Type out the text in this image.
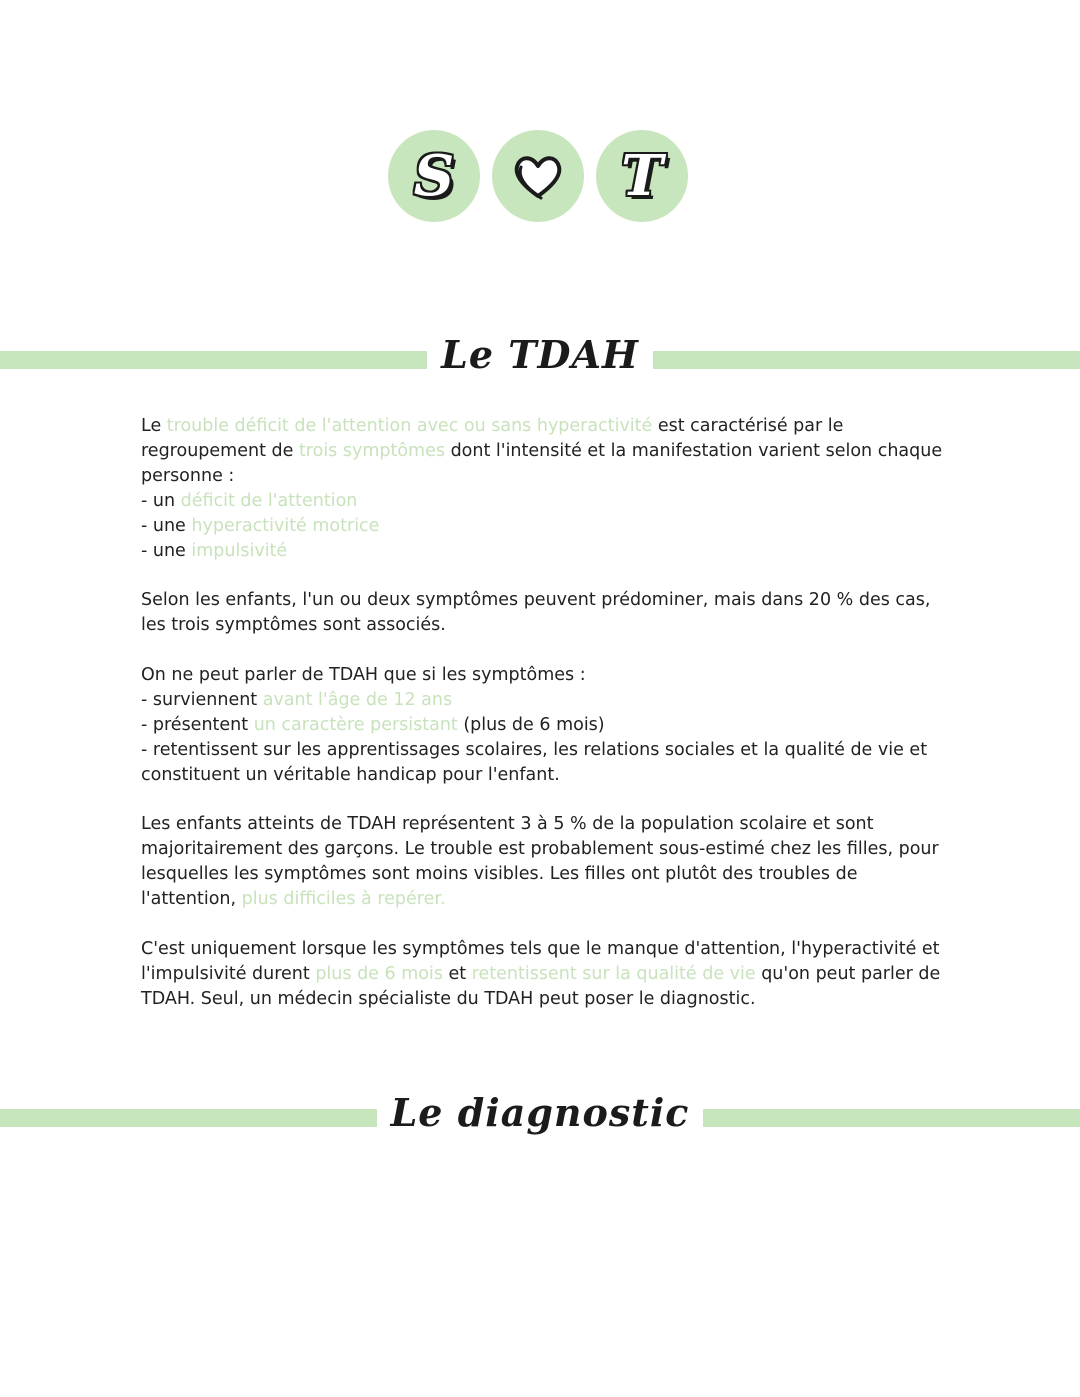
S	T
Le TDAH

Le trouble déficit de l'attention avec ou sans hyperactivité est caractérisé par le regroupement de trois symptômes dont l'intensité et la manifestation varient selon chaque personne :

- un déficit de l'attention

- une hyperactivité motrice

- une impulsivité

Selon les enfants, l'un ou deux symptômes peuvent prédominer, mais dans 20 % des cas, les trois symptômes sont associés.

On ne peut parler de TDAH que si les symptômes :

- surviennent avant l'âge de 12 ans

- présentent un caractère persistant (plus de 6 mois)

- retentissent sur les apprentissages scolaires, les relations sociales et la qualité de vie et constituent un véritable handicap pour l'enfant.

Les enfants atteints de TDAH représentent 3 à 5 % de la population scolaire et sont majoritairement des garçons. Le trouble est probablement sous-estimé chez les filles, pour lesquelles les symptômes sont moins visibles. Les filles ont plutôt des troubles de l'attention, plus difficiles à repérer.

C'est uniquement lorsque les symptômes tels que le manque d'attention, l'hyperactivité et l'impulsivité durent plus de 6 mois et retentissent sur la qualité de vie qu'on peut parler de TDAH. Seul, un médecin spécialiste du TDAH peut poser le diagnostic.

Le diagnostic
